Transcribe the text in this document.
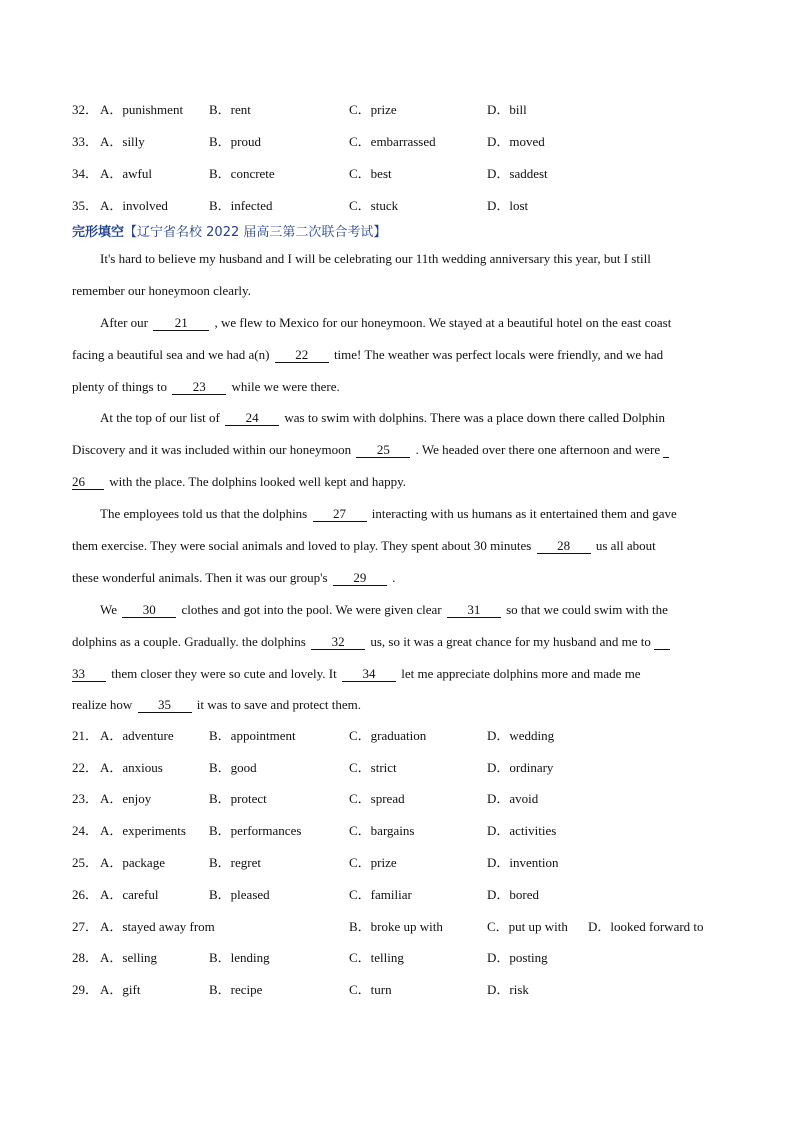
32． A．punishment B．rent	C．prize	D．bill
33． A．silly	B．proud	C．embarrassed	D．moved
34． A．awful	B．concrete	C．best	D．saddest
35． A．involved	B．infected	C．stuck	D．lost
完形填空【辽宁省名校 2022 届高三第二次联合考试】
It's hard to believe my husband and I will be celebrating our 11th wedding anniversary this year, but I still
remember our honeymoon clearly.
After our 21 , we flew to Mexico for our honeymoon. We stayed at a beautiful hotel on the east coast
facing a beautiful sea and we had a(n) 22 time! The weather was perfect locals were friendly, and we had
plenty of things to 23 while we were there.
At the top of our list of 24 was to swim with dolphins. There was a place down there called Dolphin
Discovery and it was included within our honeymoon 25 . We headed over there one afternoon and were
26 with the place. The dolphins looked well kept and happy.
The employees told us that the dolphins 27 interacting with us humans as it entertained them and gave
them exercise. They were social animals and loved to play. They spent about 30 minutes 28 us all about
these wonderful animals. Then it was our group's 29 .
We 30 clothes and got into the pool. We were given clear 31 so that we could swim with the
dolphins as a couple. Gradually. the dolphins 32 us, so it was a great chance for my husband and me to
33 them closer they were so cute and lovely. It 34 let me appreciate dolphins more and made me
realize how 35 it was to save and protect them.
21． A．adventure	B．appointment	C．graduation	D．wedding
22． A．anxious	B．good	C．strict	D．ordinary
23． A．enjoy	B．protect	C．spread	D．avoid
24． A．experiments B．performances	C．bargains	D．activities
25． A．package	B．regret	C．prize	D．invention
26． A．careful	B．pleased	C．familiar	D．bored
27． A．stayed away from	B．broke up with	C．put up with D．looked forward to
28． A．selling	B．lending	C．telling	D．posting
29． A．gift	B．recipe	C．turn	D．risk
